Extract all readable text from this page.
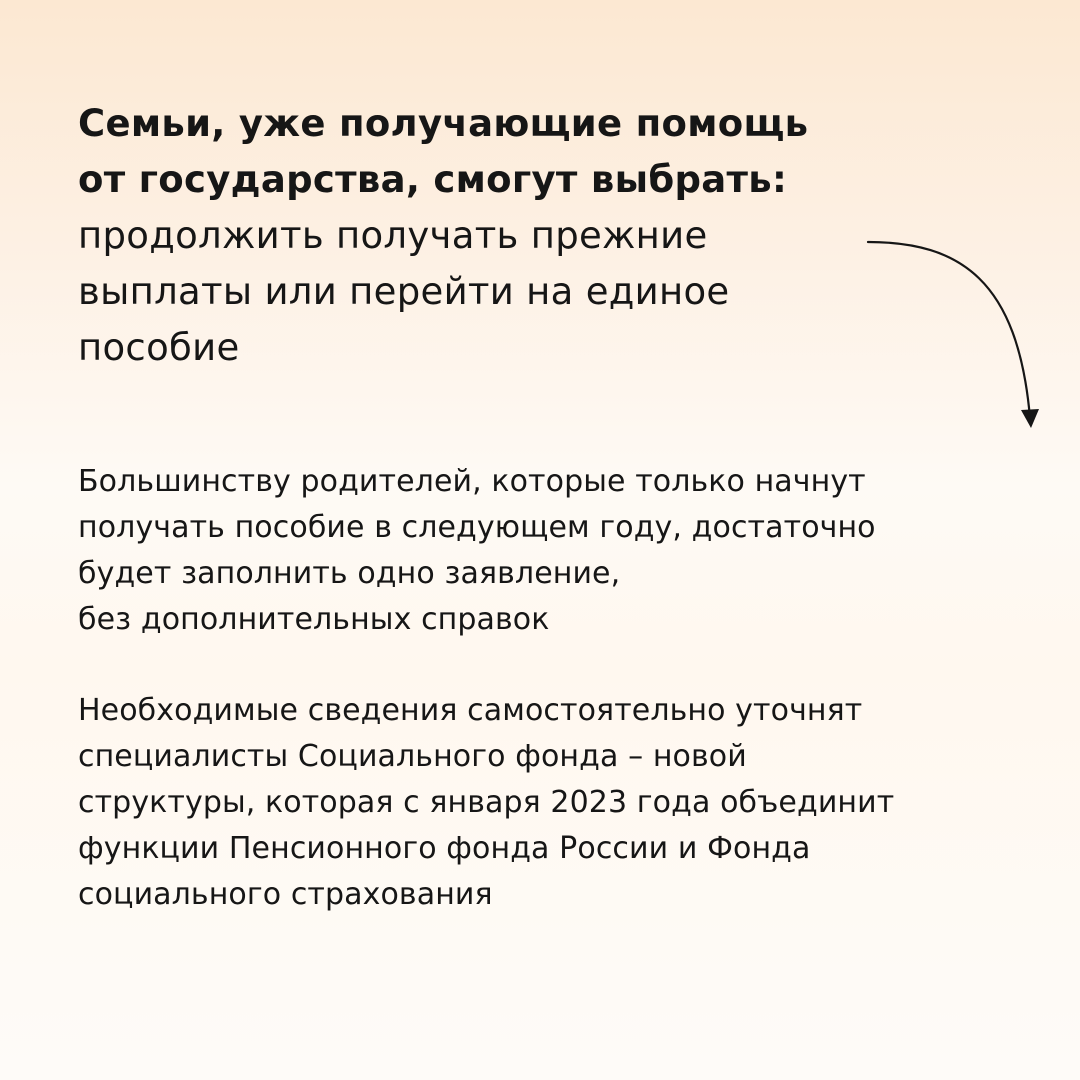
Семьи, уже получающие помощь
от государства, смогут выбрать:
продолжить получать прежние
выплаты или перейти на единое
пособие

Большинству родителей, которые только начнут
получать пособие в следующем году, достаточно
будет заполнить одно заявление,
без дополнительных справок

Необходимые сведения самостоятельно уточнят
специалисты Социального фонда – новой
структуры, которая с января 2023 года объединит
функции Пенсионного фонда России и Фонда
социального страхования
